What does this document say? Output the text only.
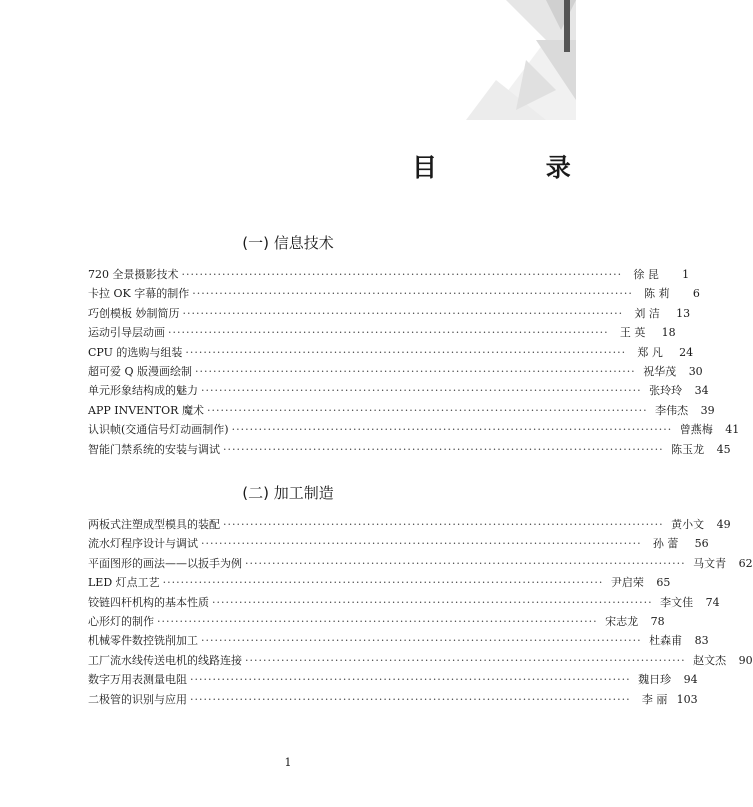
目 录
(一) 信息技术
720 全景摄影技术 ·····	徐 昆	1
卡拉 OK 字幕的制作 ·····	陈 莉	6
巧创模板 妙制简历 ·····	刘 洁	13
运动引导层动画 ·····	王 英	18
CPU 的选购与组装 ·····	郑 凡	24
超可爱 Q 版漫画绘制 ·····	祝华茂	30
单元形象结构成的魅力 ·····	张玲玲	34
APP INVENTOR 魔术 ·····	李伟杰	39
认识帧(交通信号灯动画制作) ·····	曾燕梅	41
智能门禁系统的安装与调试 ·····	陈玉龙	45
(二) 加工制造
两板式注塑成型模具的装配 ·····	黄小文	49
流水灯程序设计与调试 ·····	孙 蕾	56
平面图形的画法——以扳手为例 ·····	马文青	62
LED 灯点工艺 ·····	尹启荣	65
铰链四杆机构的基本性质 ·····	李文佳	74
心形灯的制作 ·····	宋志龙	78
机械零件数控铣削加工 ·····	杜森甫	83
工厂流水线传送电机的线路连接 ·····	赵文杰	90
数字万用表测量电阻 ·····	魏日珍	94
二极管的识别与应用 ·····	李 丽 103
1
